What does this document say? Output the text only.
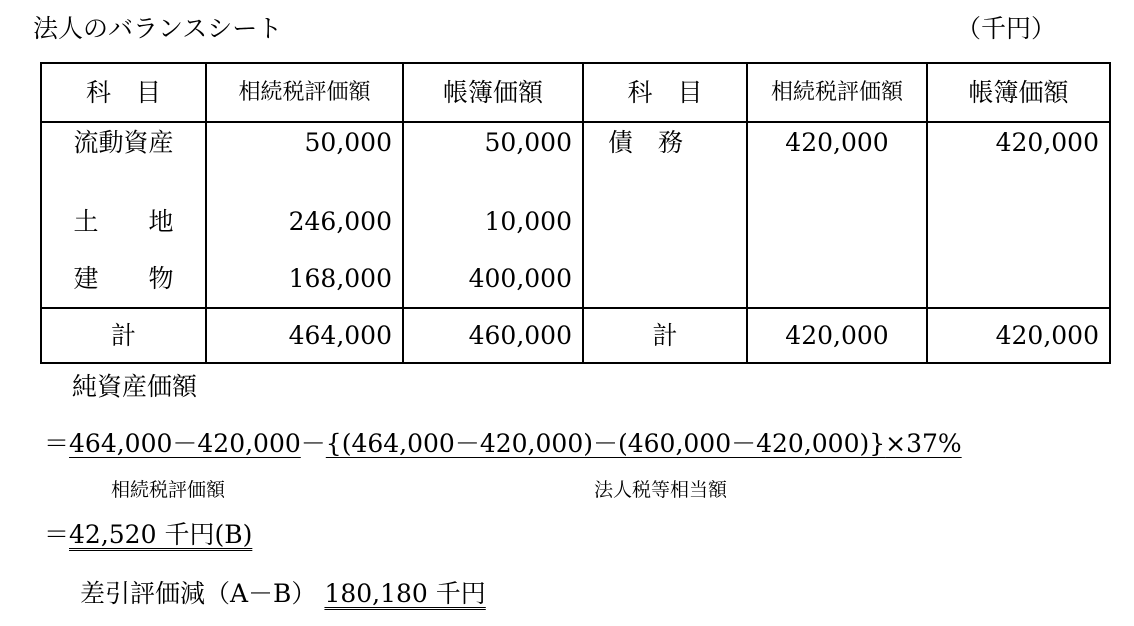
法人のバランスシート	（千円）
科　目	相続税評価額	帳簿価額	科　目	相続税評価額	帳簿価額
流動資産	50,000	50,000	債　務	420,000	420,000
土　　地	246,000	10,000			
建　　物	168,000	400,000			
計	464,000	460,000	計	420,000	420,000
純資産価額
＝464,000－420,000－{(464,000－420,000)－(460,000－420,000)}×37%
相続税評価額	法人税等相当額
＝42,520 千円(B)
差引評価減（A－B） 180,180 千円
